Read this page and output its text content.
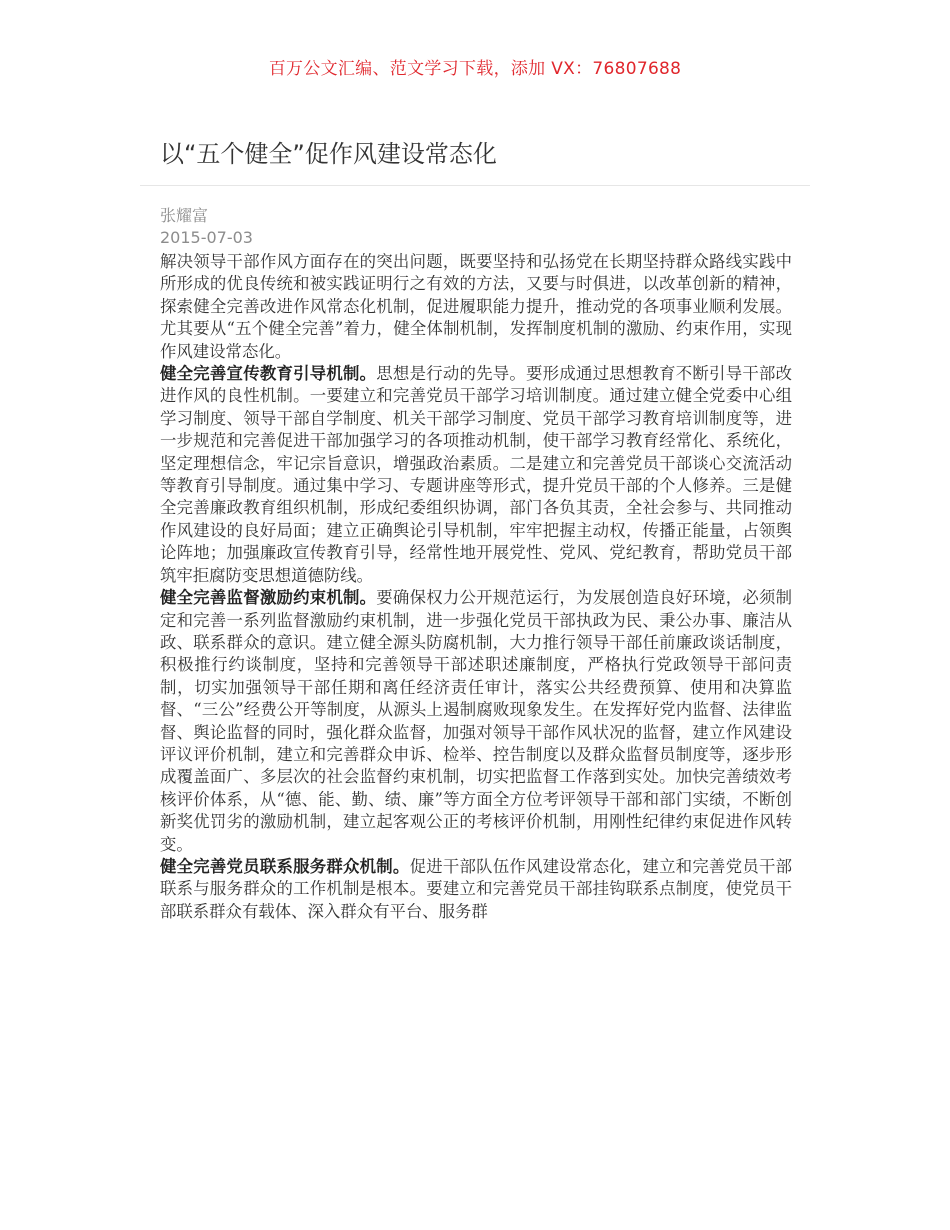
百万公文汇编、范文学习下载，添加 VX：76807688
以“五个健全”促作风建设常态化
张耀富
2015-07-03

解决领导干部作风方面存在的突出问题，既要坚持和弘扬党在长期坚持群众路线实践中所形成的优良传统和被实践证明行之有效的方法，又要与时俱进，以改革创新的精神，探索健全完善改进作风常态化机制，促进履职能力提升，推动党的各项事业顺利发展。尤其要从“五个健全完善”着力，健全体制机制，发挥制度机制的激励、约束作用，实现作风建设常态化。

健全完善宣传教育引导机制。思想是行动的先导。要形成通过思想教育不断引导干部改进作风的良性机制。一要建立和完善党员干部学习培训制度。通过建立健全党委中心组学习制度、领导干部自学制度、机关干部学习制度、党员干部学习教育培训制度等，进一步规范和完善促进干部加强学习的各项推动机制，使干部学习教育经常化、系统化，坚定理想信念，牢记宗旨意识，增强政治素质。二是建立和完善党员干部谈心交流活动等教育引导制度。通过集中学习、专题讲座等形式，提升党员干部的个人修养。三是健全完善廉政教育组织机制，形成纪委组织协调，部门各负其责，全社会参与、共同推动作风建设的良好局面；建立正确舆论引导机制，牢牢把握主动权，传播正能量，占领舆论阵地；加强廉政宣传教育引导，经常性地开展党性、党风、党纪教育，帮助党员干部筑牢拒腐防变思想道德防线。

健全完善监督激励约束机制。要确保权力公开规范运行，为发展创造良好环境，必须制定和完善一系列监督激励约束机制，进一步强化党员干部执政为民、秉公办事、廉洁从政、联系群众的意识。建立健全源头防腐机制，大力推行领导干部任前廉政谈话制度，积极推行约谈制度，坚持和完善领导干部述职述廉制度，严格执行党政领导干部问责制，切实加强领导干部任期和离任经济责任审计，落实公共经费预算、使用和决算监督、“三公”经费公开等制度，从源头上遏制腐败现象发生。在发挥好党内监督、法律监督、舆论监督的同时，强化群众监督，加强对领导干部作风状况的监督，建立作风建设评议评价机制，建立和完善群众申诉、检举、控告制度以及群众监督员制度等，逐步形成覆盖面广、多层次的社会监督约束机制，切实把监督工作落到实处。加快完善绩效考核评价体系，从“德、能、勤、绩、廉”等方面全方位考评领导干部和部门实绩，不断创新奖优罚劣的激励机制，建立起客观公正的考核评价机制，用刚性纪律约束促进作风转变。

健全完善党员联系服务群众机制。促进干部队伍作风建设常态化，建立和完善党员干部联系与服务群众的工作机制是根本。要建立和完善党员干部挂钩联系点制度，使党员干部联系群众有载体、深入群众有平台、服务群
